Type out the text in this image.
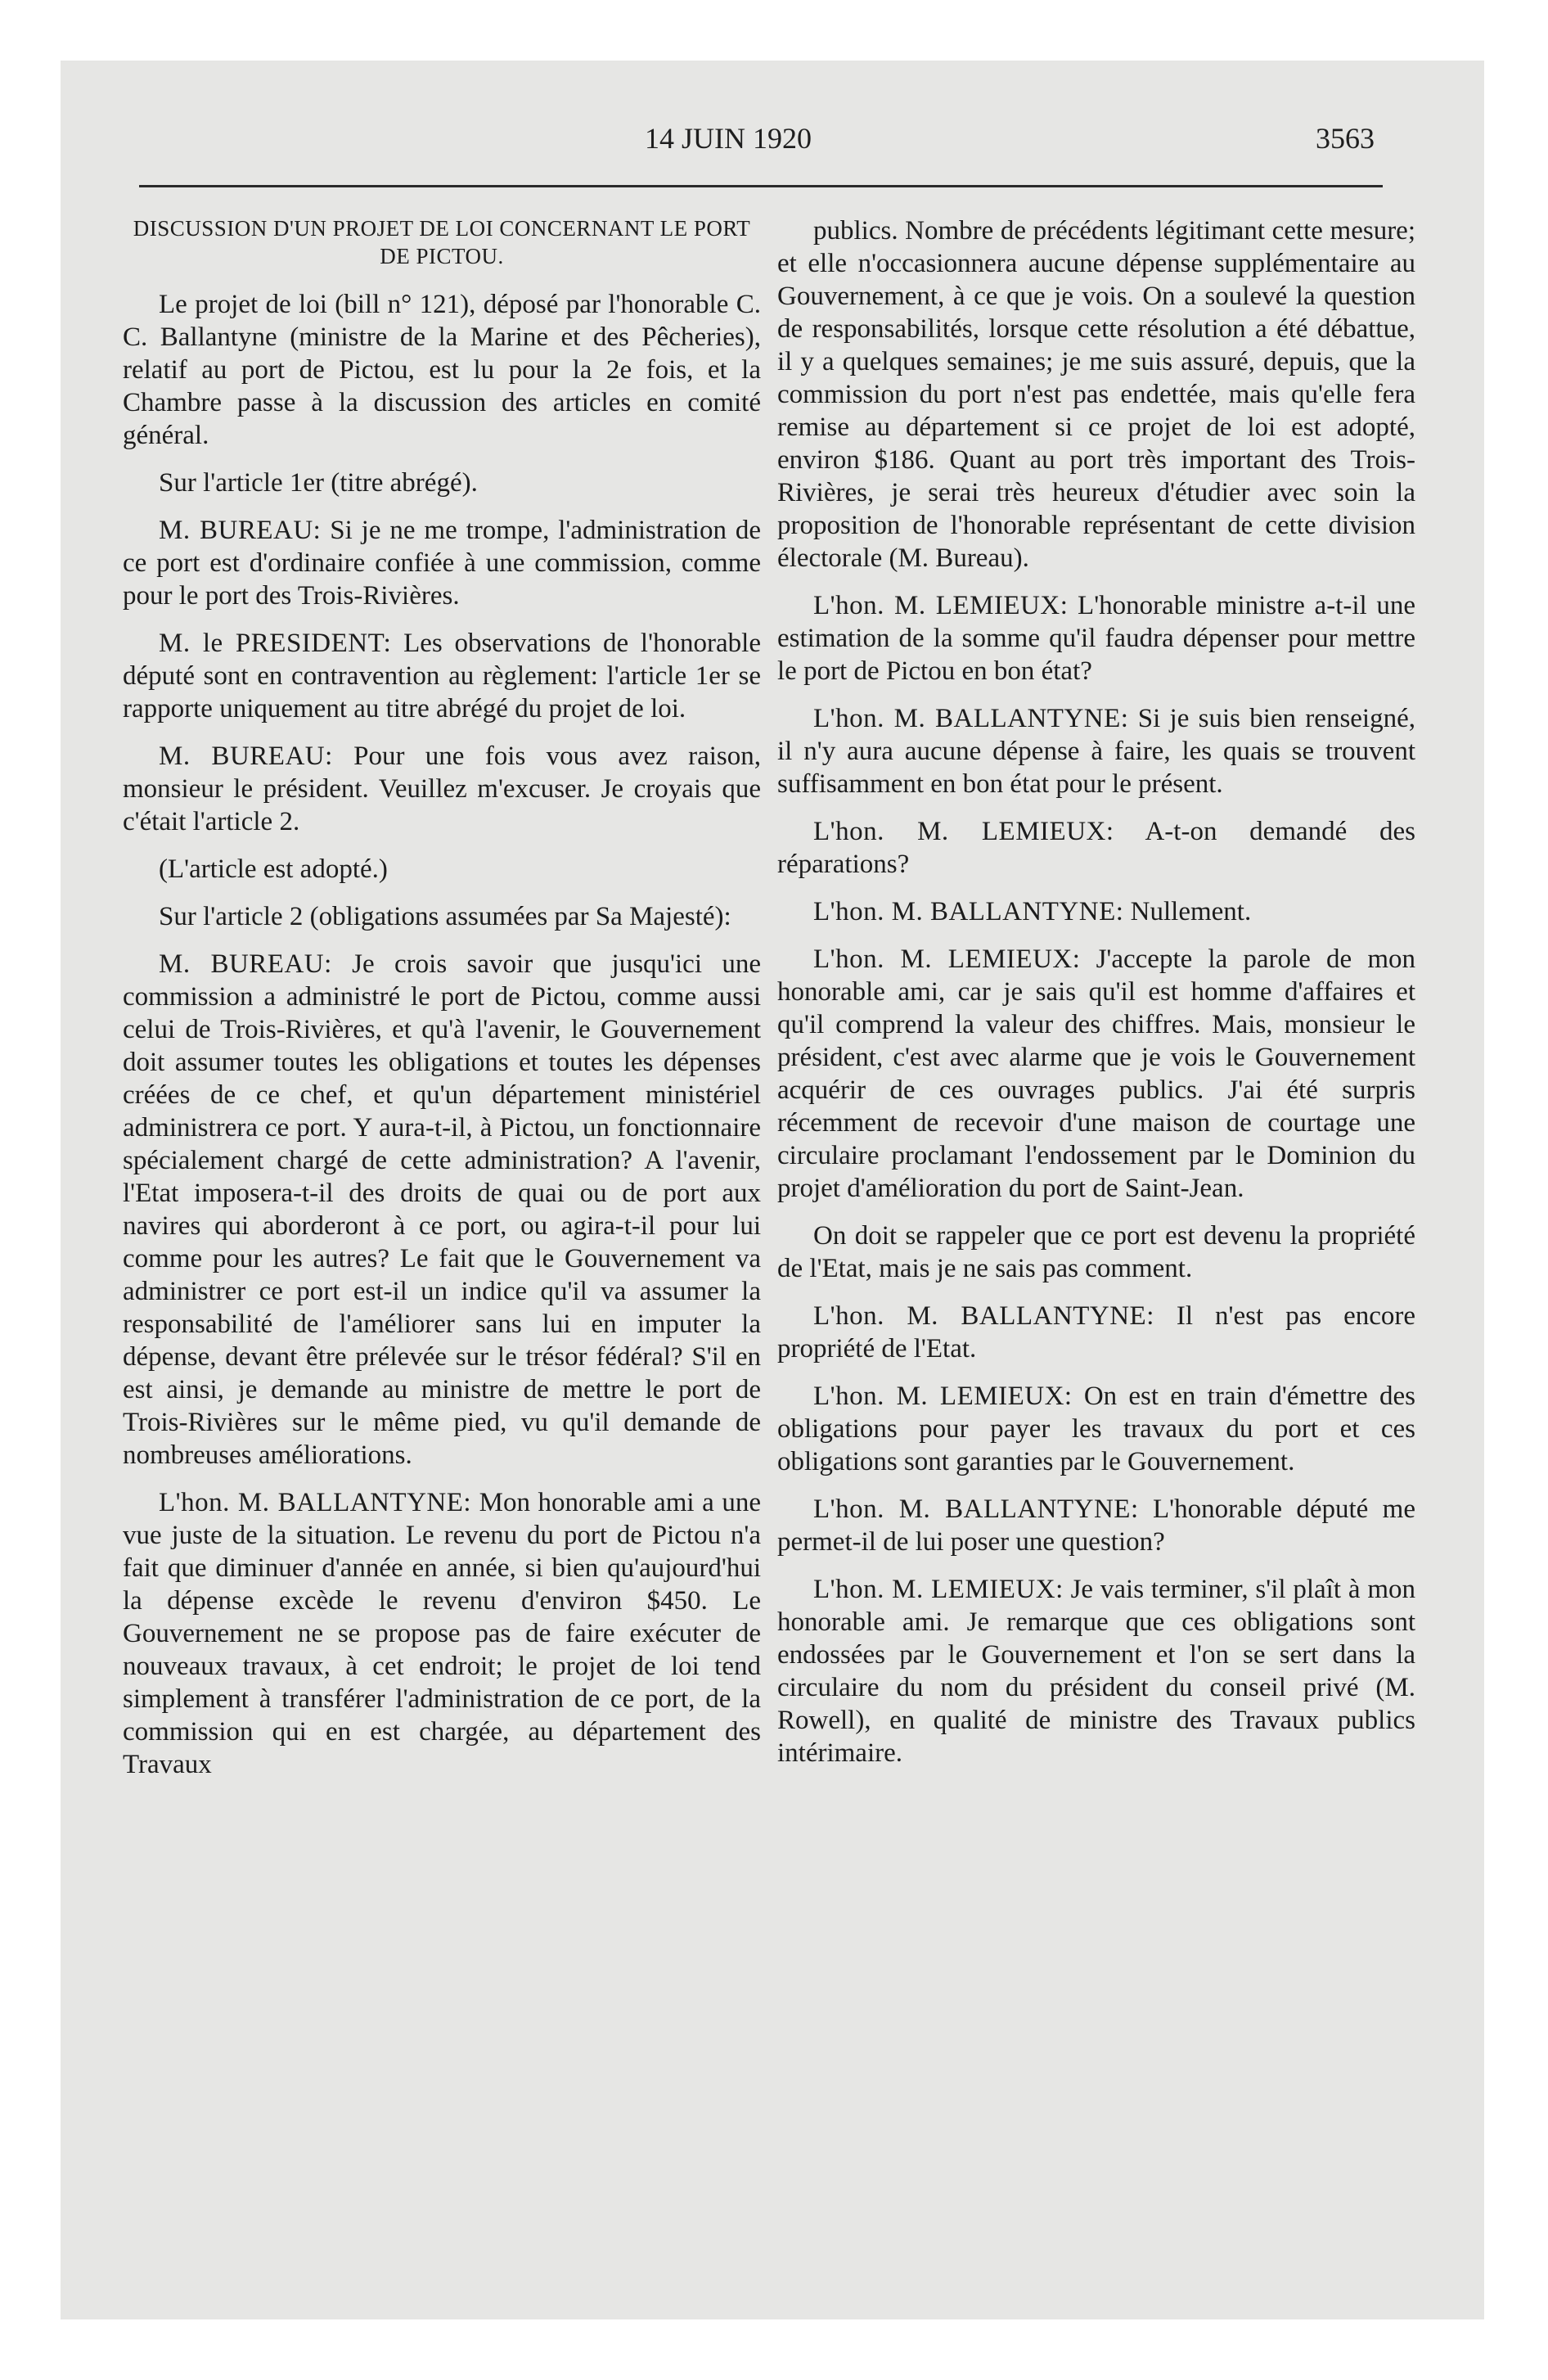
14 JUIN 1920	3563
DISCUSSION D'UN PROJET DE LOI CONCERNANT LE PORT DE PICTOU.

Le projet de loi (bill n° 121), déposé par l'honorable C. C. Ballantyne (ministre de la Marine et des Pêcheries), relatif au port de Pictou, est lu pour la 2e fois, et la Chambre passe à la discussion des articles en comité général.

Sur l'article 1er (titre abrégé).

M. BUREAU: Si je ne me trompe, l'administration de ce port est d'ordinaire confiée à une commission, comme pour le port des Trois-Rivières.

M. le PRESIDENT: Les observations de l'honorable député sont en contravention au règlement: l'article 1er se rapporte uniquement au titre abrégé du projet de loi.

M. BUREAU: Pour une fois vous avez raison, monsieur le président. Veuillez m'excuser. Je croyais que c'était l'article 2.

(L'article est adopté.)

Sur l'article 2 (obligations assumées par Sa Majesté):

M. BUREAU: Je crois savoir que jusqu'ici une commission a administré le port de Pictou, comme aussi celui de Trois-Rivières, et qu'à l'avenir, le Gouvernement doit assumer toutes les obligations et toutes les dépenses créées de ce chef, et qu'un département ministériel administrera ce port. Y aura-t-il, à Pictou, un fonctionnaire spécialement chargé de cette administration? A l'avenir, l'Etat imposera-t-il des droits de quai ou de port aux navires qui aborderont à ce port, ou agira-t-il pour lui comme pour les autres? Le fait que le Gouvernement va administrer ce port est-il un indice qu'il va assumer la responsabilité de l'améliorer sans lui en imputer la dépense, devant être prélevée sur le trésor fédéral? S'il en est ainsi, je demande au ministre de mettre le port de Trois-Rivières sur le même pied, vu qu'il demande de nombreuses améliorations.

L'hon. M. BALLANTYNE: Mon honorable ami a une vue juste de la situation. Le revenu du port de Pictou n'a fait que diminuer d'année en année, si bien qu'aujourd'hui la dépense excède le revenu d'environ $450. Le Gouvernement ne se propose pas de faire exécuter de nouveaux travaux, à cet endroit; le projet de loi tend simplement à transférer l'administration de ce port, de la commission qui en est chargée, au département des Travaux

publics. Nombre de précédents légitimant cette mesure; et elle n'occasionnera aucune dépense supplémentaire au Gouvernement, à ce que je vois. On a soulevé la question de responsabilités, lorsque cette résolution a été débattue, il y a quelques semaines; je me suis assuré, depuis, que la commission du port n'est pas endettée, mais qu'elle fera remise au département si ce projet de loi est adopté, environ $186. Quant au port très important des Trois-Rivières, je serai très heureux d'étudier avec soin la proposition de l'honorable représentant de cette division électorale (M. Bureau).

L'hon. M. LEMIEUX: L'honorable ministre a-t-il une estimation de la somme qu'il faudra dépenser pour mettre le port de Pictou en bon état?

L'hon. M. BALLANTYNE: Si je suis bien renseigné, il n'y aura aucune dépense à faire, les quais se trouvent suffisamment en bon état pour le présent.

L'hon. M. LEMIEUX: A-t-on demandé des réparations?

L'hon. M. BALLANTYNE: Nullement.

L'hon. M. LEMIEUX: J'accepte la parole de mon honorable ami, car je sais qu'il est homme d'affaires et qu'il comprend la valeur des chiffres. Mais, monsieur le président, c'est avec alarme que je vois le Gouvernement acquérir de ces ouvrages publics. J'ai été surpris récemment de recevoir d'une maison de courtage une circulaire proclamant l'endossement par le Dominion du projet d'amélioration du port de Saint-Jean.

On doit se rappeler que ce port est devenu la propriété de l'Etat, mais je ne sais pas comment.

L'hon. M. BALLANTYNE: Il n'est pas encore propriété de l'Etat.

L'hon. M. LEMIEUX: On est en train d'émettre des obligations pour payer les travaux du port et ces obligations sont garanties par le Gouvernement.

L'hon. M. BALLANTYNE: L'honorable député me permet-il de lui poser une question?

L'hon. M. LEMIEUX: Je vais terminer, s'il plaît à mon honorable ami. Je remarque que ces obligations sont endossées par le Gouvernement et l'on se sert dans la circulaire du nom du président du conseil privé (M. Rowell), en qualité de ministre des Travaux publics intérimaire.
